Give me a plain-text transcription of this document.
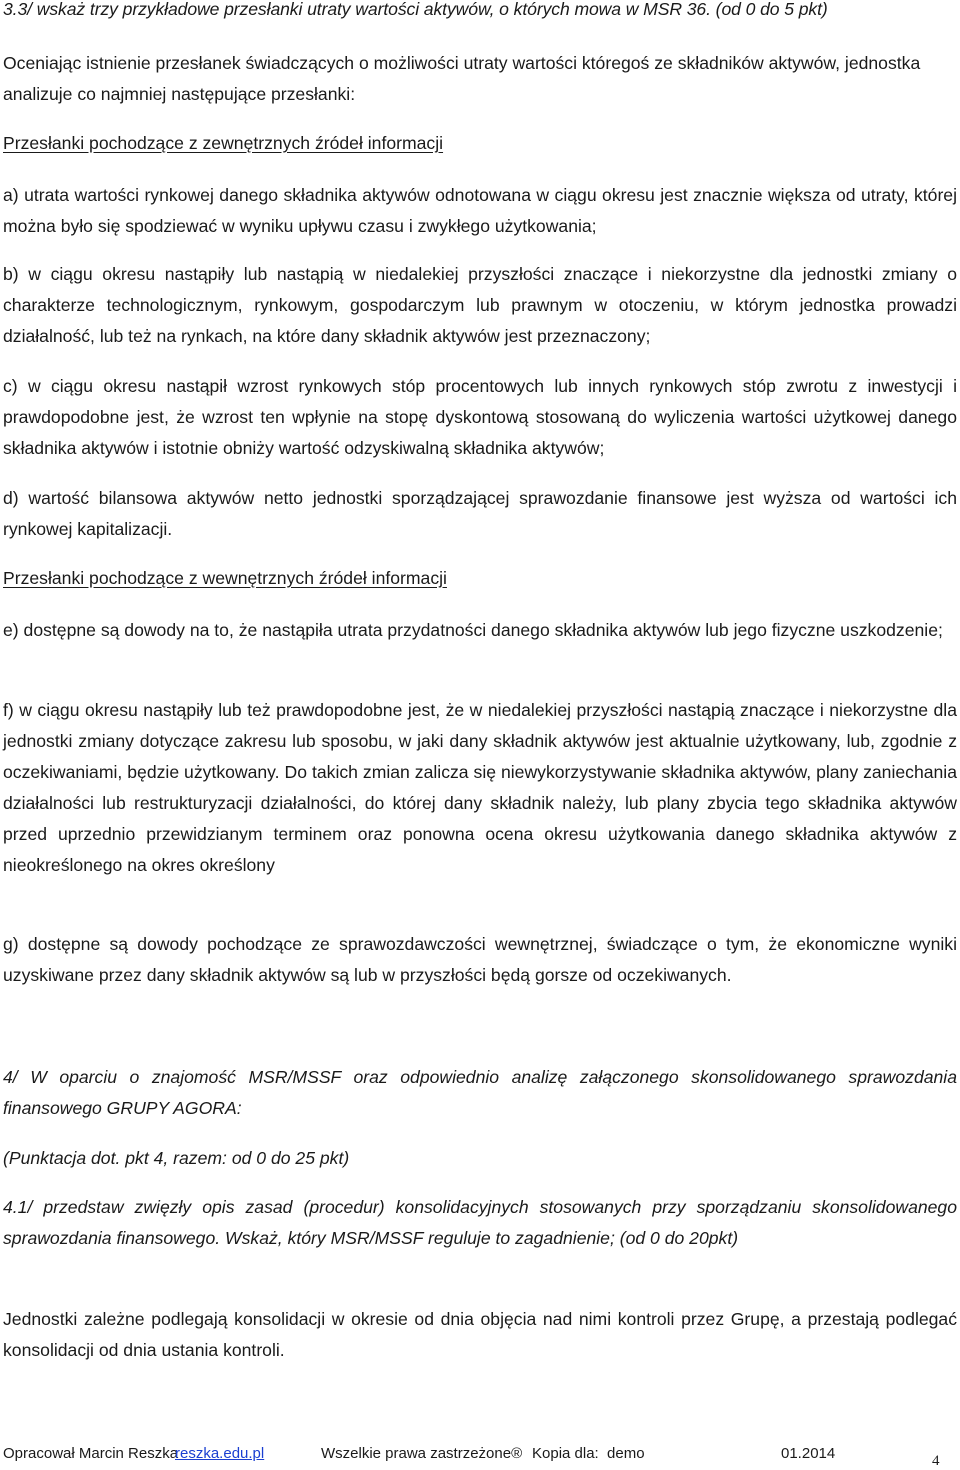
3.3/ wskaż trzy przykładowe przesłanki utraty wartości aktywów, o których mowa w MSR 36. (od 0 do 5 pkt)
Oceniając istnienie przesłanek świadczących o możliwości utraty wartości któregoś ze składników aktywów, jednostka analizuje co najmniej następujące przesłanki:
Przesłanki pochodzące z zewnętrznych źródeł informacji
a) utrata wartości rynkowej danego składnika aktywów odnotowana w ciągu okresu jest znacznie większa od utraty, której można było się spodziewać w wyniku upływu czasu i zwykłego użytkowania;
b) w ciągu okresu nastąpiły lub nastąpią w niedalekiej przyszłości znaczące i niekorzystne dla jednostki zmiany o charakterze technologicznym, rynkowym, gospodarczym lub prawnym w otoczeniu, w którym jednostka prowadzi działalność, lub też na rynkach, na które dany składnik aktywów jest przeznaczony;
c) w ciągu okresu nastąpił wzrost rynkowych stóp procentowych lub innych rynkowych stóp zwrotu z inwestycji i prawdopodobne jest, że wzrost ten wpłynie na stopę dyskontową stosowaną do wyliczenia wartości użytkowej danego składnika aktywów i istotnie obniży wartość odzyskiwalną składnika aktywów;
d) wartość bilansowa aktywów netto jednostki sporządzającej sprawozdanie finansowe jest wyższa od wartości ich rynkowej kapitalizacji.
Przesłanki pochodzące z wewnętrznych źródeł informacji
e) dostępne są dowody na to, że nastąpiła utrata przydatności danego składnika aktywów lub jego fizyczne uszkodzenie;
f) w ciągu okresu nastąpiły lub też prawdopodobne jest, że w niedalekiej przyszłości nastąpią znaczące i niekorzystne dla jednostki zmiany dotyczące zakresu lub sposobu, w jaki dany składnik aktywów jest aktualnie użytkowany, lub, zgodnie z oczekiwaniami, będzie użytkowany. Do takich zmian zalicza się niewykorzystywanie składnika aktywów, plany zaniechania działalności lub restrukturyzacji działalności, do której dany składnik należy, lub plany zbycia tego składnika aktywów przed uprzednio przewidzianym terminem oraz ponowna ocena okresu użytkowania danego składnika aktywów z nieokreślonego na okres określony
g) dostępne są dowody pochodzące ze sprawozdawczości wewnętrznej, świadczące o tym, że ekonomiczne wyniki uzyskiwane przez dany składnik aktywów są lub w przyszłości będą gorsze od oczekiwanych.
4/ W oparciu o znajomość MSR/MSSF oraz odpowiednio analizę załączonego skonsolidowanego sprawozdania finansowego GRUPY AGORA:
(Punktacja dot. pkt 4, razem: od 0 do 25 pkt)
4.1/ przedstaw zwięzły opis zasad (procedur) konsolidacyjnych stosowanych przy sporządzaniu skonsolidowanego sprawozdania finansowego. Wskaż, który MSR/MSSF reguluje to zagadnienie; (od 0 do 20pkt)
Jednostki zależne podlegają konsolidacji w okresie od dnia objęcia nad nimi kontroli przez Grupę, a przestają podlegać konsolidacji od dnia ustania kontroli.
Opracował Marcin Reszka
reszka.edu.pl	Wszelkie prawa zastrzeżone® Kopia dla:  demo	01.2014	4
